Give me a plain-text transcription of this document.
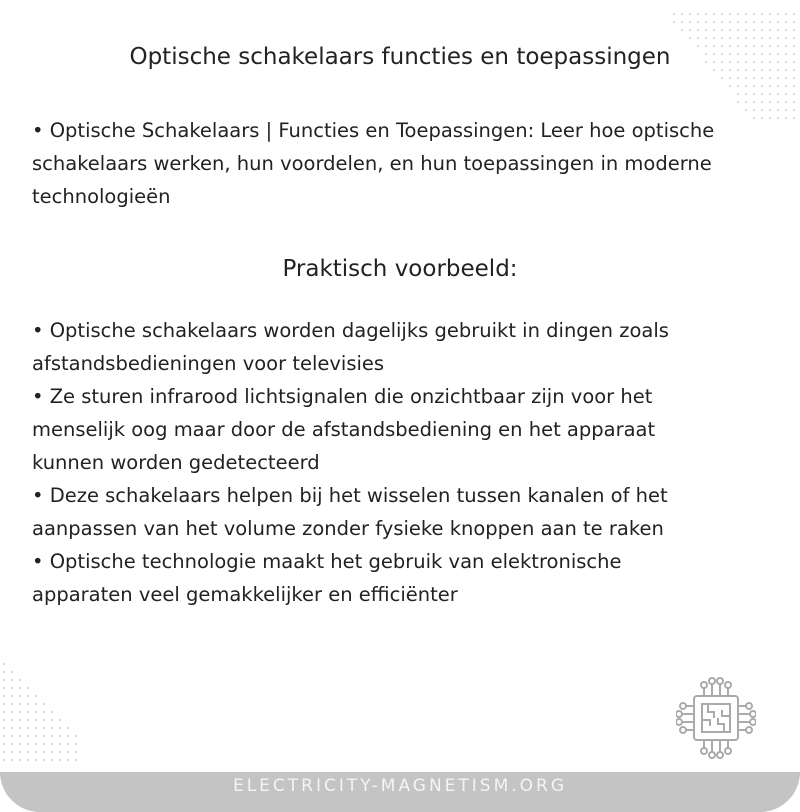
Optische schakelaars functies en toepassingen
• Optische Schakelaars | Functies en Toepassingen: Leer hoe optische
schakelaars werken, hun voordelen, en hun toepassingen in moderne
technologieën
Praktisch voorbeeld:
• Optische schakelaars worden dagelijks gebruikt in dingen zoals
afstandsbedieningen voor televisies
• Ze sturen infrarood lichtsignalen die onzichtbaar zijn voor het
menselijk oog maar door de afstandsbediening en het apparaat
kunnen worden gedetecteerd
• Deze schakelaars helpen bij het wisselen tussen kanalen of het
aanpassen van het volume zonder fysieke knoppen aan te raken
• Optische technologie maakt het gebruik van elektronische
apparaten veel gemakkelijker en efficiënter
ELECTRICITY-MAGNETISM.ORG
